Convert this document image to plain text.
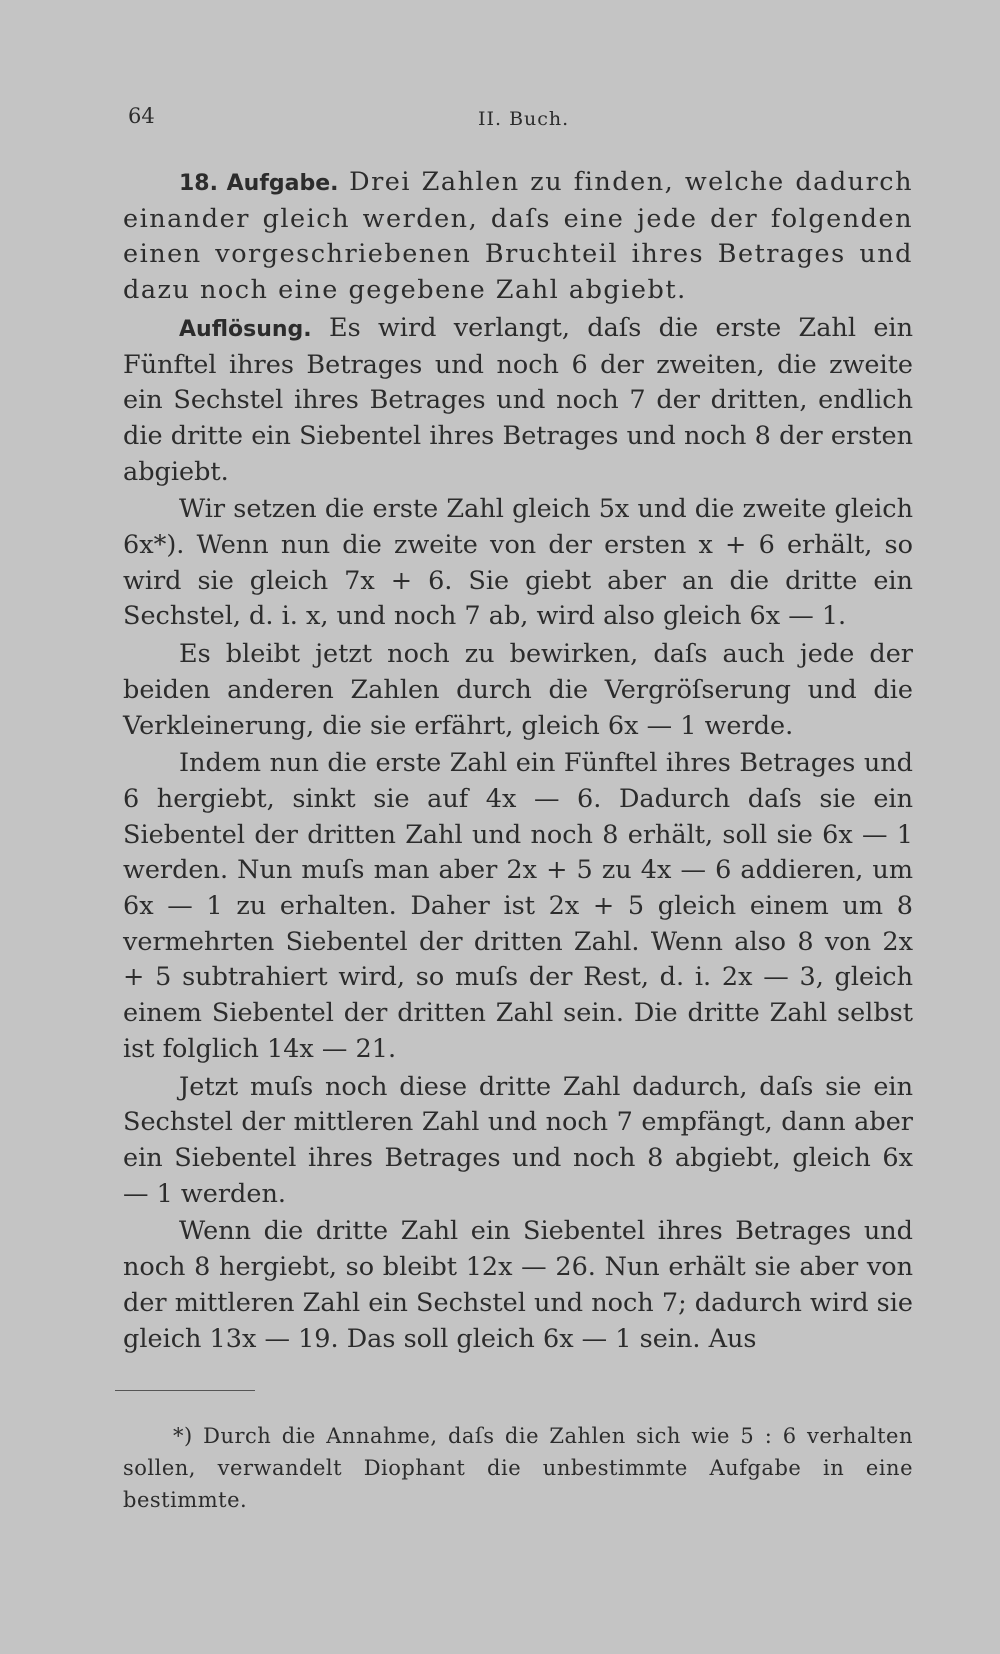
64	II. Buch.

18. Aufgabe. Drei Zahlen zu finden, welche dadurch einander gleich werden, daſs eine jede der folgenden einen vorgeschriebenen Bruchteil ihres Betrages und dazu noch eine gegebene Zahl abgiebt.

Auflösung. Es wird verlangt, daſs die erste Zahl ein Fünftel ihres Betrages und noch 6 der zweiten, die zweite ein Sechstel ihres Betrages und noch 7 der dritten, endlich die dritte ein Siebentel ihres Betrages und noch 8 der ersten abgiebt.

Wir setzen die erste Zahl gleich 5x und die zweite gleich 6x*). Wenn nun die zweite von der ersten x + 6 erhält, so wird sie gleich 7x + 6. Sie giebt aber an die dritte ein Sechstel, d. i. x, und noch 7 ab, wird also gleich 6x — 1.

Es bleibt jetzt noch zu bewirken, daſs auch jede der beiden anderen Zahlen durch die Vergröſserung und die Verkleinerung, die sie erfährt, gleich 6x — 1 werde.

Indem nun die erste Zahl ein Fünftel ihres Betrages und 6 hergiebt, sinkt sie auf 4x — 6. Dadurch daſs sie ein Siebentel der dritten Zahl und noch 8 erhält, soll sie 6x — 1 werden. Nun muſs man aber 2x + 5 zu 4x — 6 addieren, um 6x — 1 zu erhalten. Daher ist 2x + 5 gleich einem um 8 vermehrten Siebentel der dritten Zahl. Wenn also 8 von 2x + 5 subtrahiert wird, so muſs der Rest, d. i. 2x — 3, gleich einem Siebentel der dritten Zahl sein. Die dritte Zahl selbst ist folglich 14x — 21.

Jetzt muſs noch diese dritte Zahl dadurch, daſs sie ein Sechstel der mittleren Zahl und noch 7 empfängt, dann aber ein Siebentel ihres Betrages und noch 8 abgiebt, gleich 6x — 1 werden.

Wenn die dritte Zahl ein Siebentel ihres Betrages und noch 8 hergiebt, so bleibt 12x — 26. Nun erhält sie aber von der mittleren Zahl ein Sechstel und noch 7; dadurch wird sie gleich 13x — 19. Das soll gleich 6x — 1 sein. Aus

*) Durch die Annahme, daſs die Zahlen sich wie 5 : 6 verhalten sollen, verwandelt Diophant die unbestimmte Aufgabe in eine bestimmte.
